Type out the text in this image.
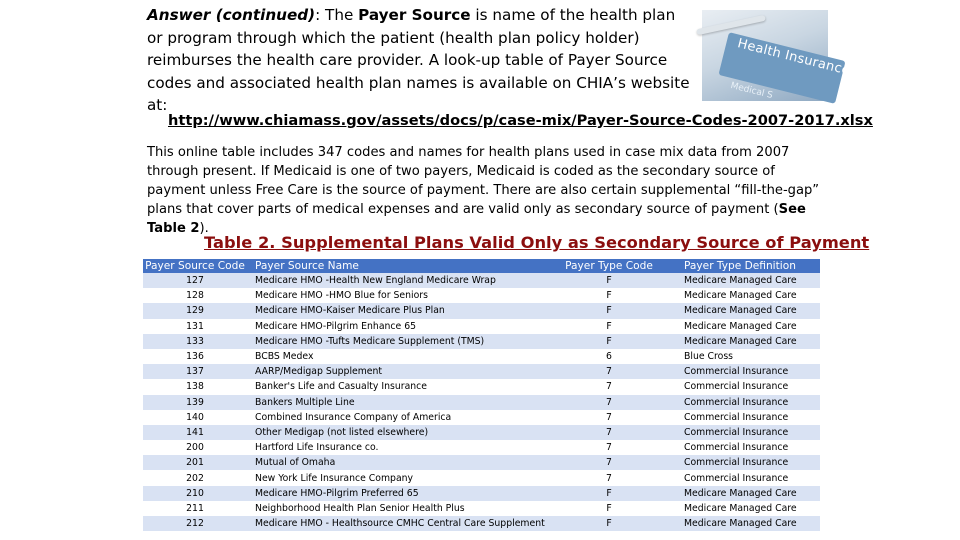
Answer (continued): The Payer Source is name of the health plan or program through which the patient (health plan policy holder) reimburses the health care provider. A look-up table of Payer Source codes and associated health plan names is available on CHIA’s website at:
Health Insurance
Medical S
http://www.chiamass.gov/assets/docs/p/case-mix/Payer-Source-Codes-2007-2017.xlsx
This online table includes 347 codes and names for health plans used in case mix data from 2007 through present. If Medicaid is one of two payers, Medicaid is coded as the secondary source of payment unless Free Care is the source of payment. There are also certain supplemental “fill-the-gap” plans that cover parts of medical expenses and are valid only as secondary source of payment (See Table 2).
Table 2. Supplemental Plans Valid Only as Secondary Source of Payment
Payer Source Code	Payer Source Name	Payer Type Code	Payer Type Definition
127	Medicare HMO -Health New England Medicare Wrap	F	Medicare Managed Care
128	Medicare HMO -HMO Blue for Seniors	F	Medicare Managed Care
129	Medicare HMO-Kaiser Medicare Plus Plan	F	Medicare Managed Care
131	Medicare HMO-Pilgrim Enhance 65	F	Medicare Managed Care
133	Medicare HMO -Tufts Medicare Supplement (TMS)	F	Medicare Managed Care
136	BCBS Medex	6	Blue Cross
137	AARP/Medigap Supplement	7	Commercial Insurance
138	Banker's Life and Casualty Insurance	7	Commercial Insurance
139	Bankers Multiple Line	7	Commercial Insurance
140	Combined Insurance Company of America	7	Commercial Insurance
141	Other Medigap (not listed elsewhere)	7	Commercial Insurance
200	Hartford Life Insurance co.	7	Commercial Insurance
201	Mutual of Omaha	7	Commercial Insurance
202	New York Life Insurance Company	7	Commercial Insurance
210	Medicare HMO-Pilgrim Preferred 65	F	Medicare Managed Care
211	Neighborhood Health Plan Senior Health Plus	F	Medicare Managed Care
212	Medicare HMO - Healthsource CMHC Central Care Supplement	F	Medicare Managed Care
